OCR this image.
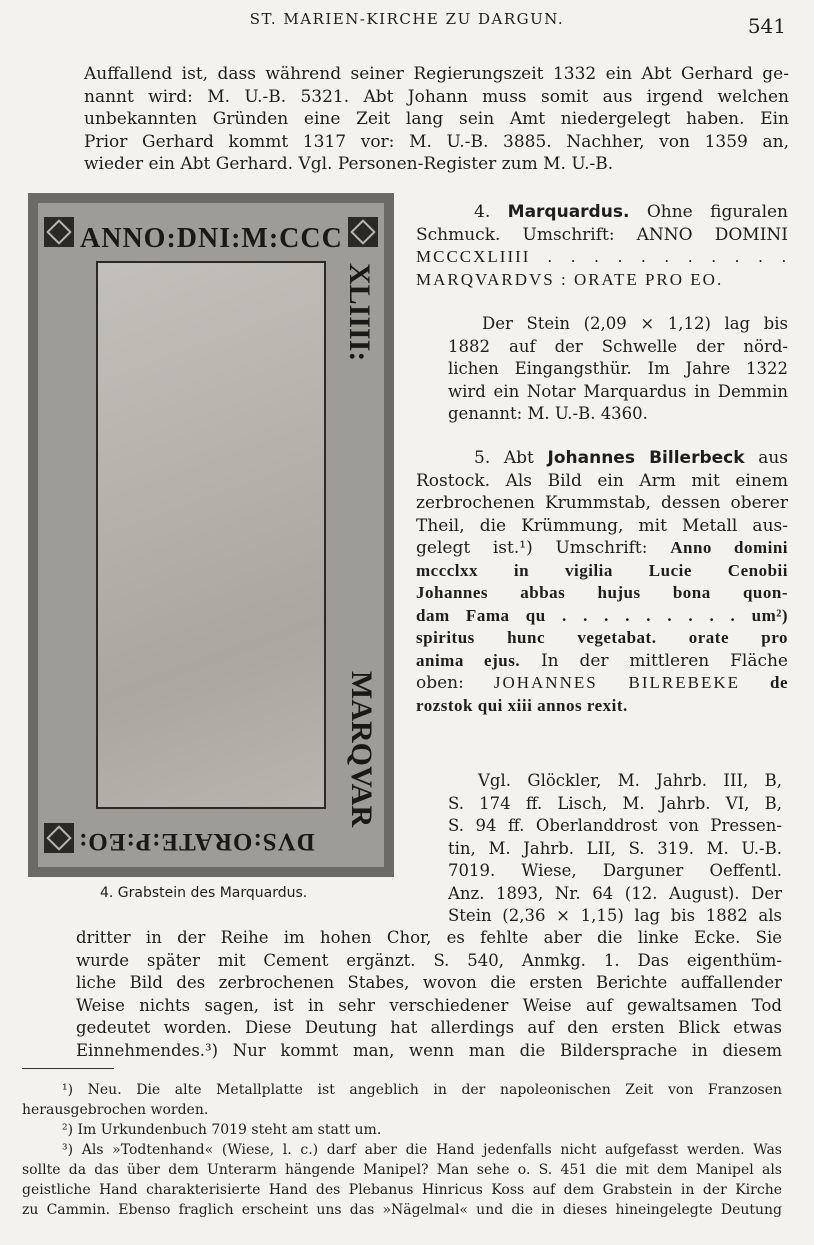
ST. MARIEN-KIRCHE ZU DARGUN.	541

Auffallend ist, dass während seiner Regierungszeit 1332 ein Abt Gerhard ge-
nannt wird: M. U.-B. 5321. Abt Johann muss somit aus irgend welchen
unbekannten Gründen eine Zeit lang sein Amt niedergelegt haben. Ein
Prior Gerhard kommt 1317 vor: M. U.-B. 3885. Nachher, von 1359 an,
wieder ein Abt Gerhard. Vgl. Personen-Register zum M. U.-B.

ANNO:DNI:M:CCC
XLIIII:
MARQVAR
DVS:ORATE:P:EO:
4. Grabstein des Marquardus.

4. Marquardus. Ohne figuralen
Schmuck. Umschrift: ANNO DOMINI
MCCCXLIIII . . . . . . . . . . .
MARQVARDVS : ORATE PRO EO.

Der Stein (2,09 × 1,12) lag bis
1882 auf der Schwelle der nörd-
lichen Eingangsthür. Im Jahre 1322
wird ein Notar Marquardus in Demmin
genannt: M. U.-B. 4360.

5. Abt Johannes Billerbeck aus
Rostock. Als Bild ein Arm mit einem
zerbrochenen Krummstab, dessen oberer
Theil, die Krümmung, mit Metall aus-
gelegt ist.¹) Umschrift: Anno domini
mccclxx in vigilia Lucie Cenobii
Johannes abbas hujus bona quon-
dam Fama qu . . . . . . . . . um²)
spiritus hunc vegetabat. orate pro
anima ejus. In der mittleren Fläche
oben: JOHANNES BILREBEKE de
rozstok qui xiii annos rexit.

Vgl. Glöckler, M. Jahrb. III, B,
S. 174 ff. Lisch, M. Jahrb. VI, B,
S. 94 ff. Oberlanddrost von Pressen-
tin, M. Jahrb. LII, S. 319. M. U.-B.
7019. Wiese, Darguner Oeffentl.
Anz. 1893, Nr. 64 (12. August). Der
Stein (2,36 × 1,15) lag bis 1882 als

dritter in der Reihe im hohen Chor, es fehlte aber die linke Ecke. Sie
wurde später mit Cement ergänzt. S. 540, Anmkg. 1. Das eigenthüm-
liche Bild des zerbrochenen Stabes, wovon die ersten Berichte auffallender
Weise nichts sagen, ist in sehr verschiedener Weise auf gewaltsamen Tod
gedeutet worden. Diese Deutung hat allerdings auf den ersten Blick etwas
Einnehmendes.³) Nur kommt man, wenn man die Bildersprache in diesem

¹) Neu. Die alte Metallplatte ist angeblich in der napoleonischen Zeit von Franzosen
herausgebrochen worden.
²) Im Urkundenbuch 7019 steht am statt um.
³) Als »Todtenhand« (Wiese, l. c.) darf aber die Hand jedenfalls nicht aufgefasst werden. Was
sollte da das über dem Unterarm hängende Manipel? Man sehe o. S. 451 die mit dem Manipel als
geistliche Hand charakterisierte Hand des Plebanus Hinricus Koss auf dem Grabstein in der Kirche
zu Cammin. Ebenso fraglich erscheint uns das »Nägelmal« und die in dieses hineingelegte Deutung
